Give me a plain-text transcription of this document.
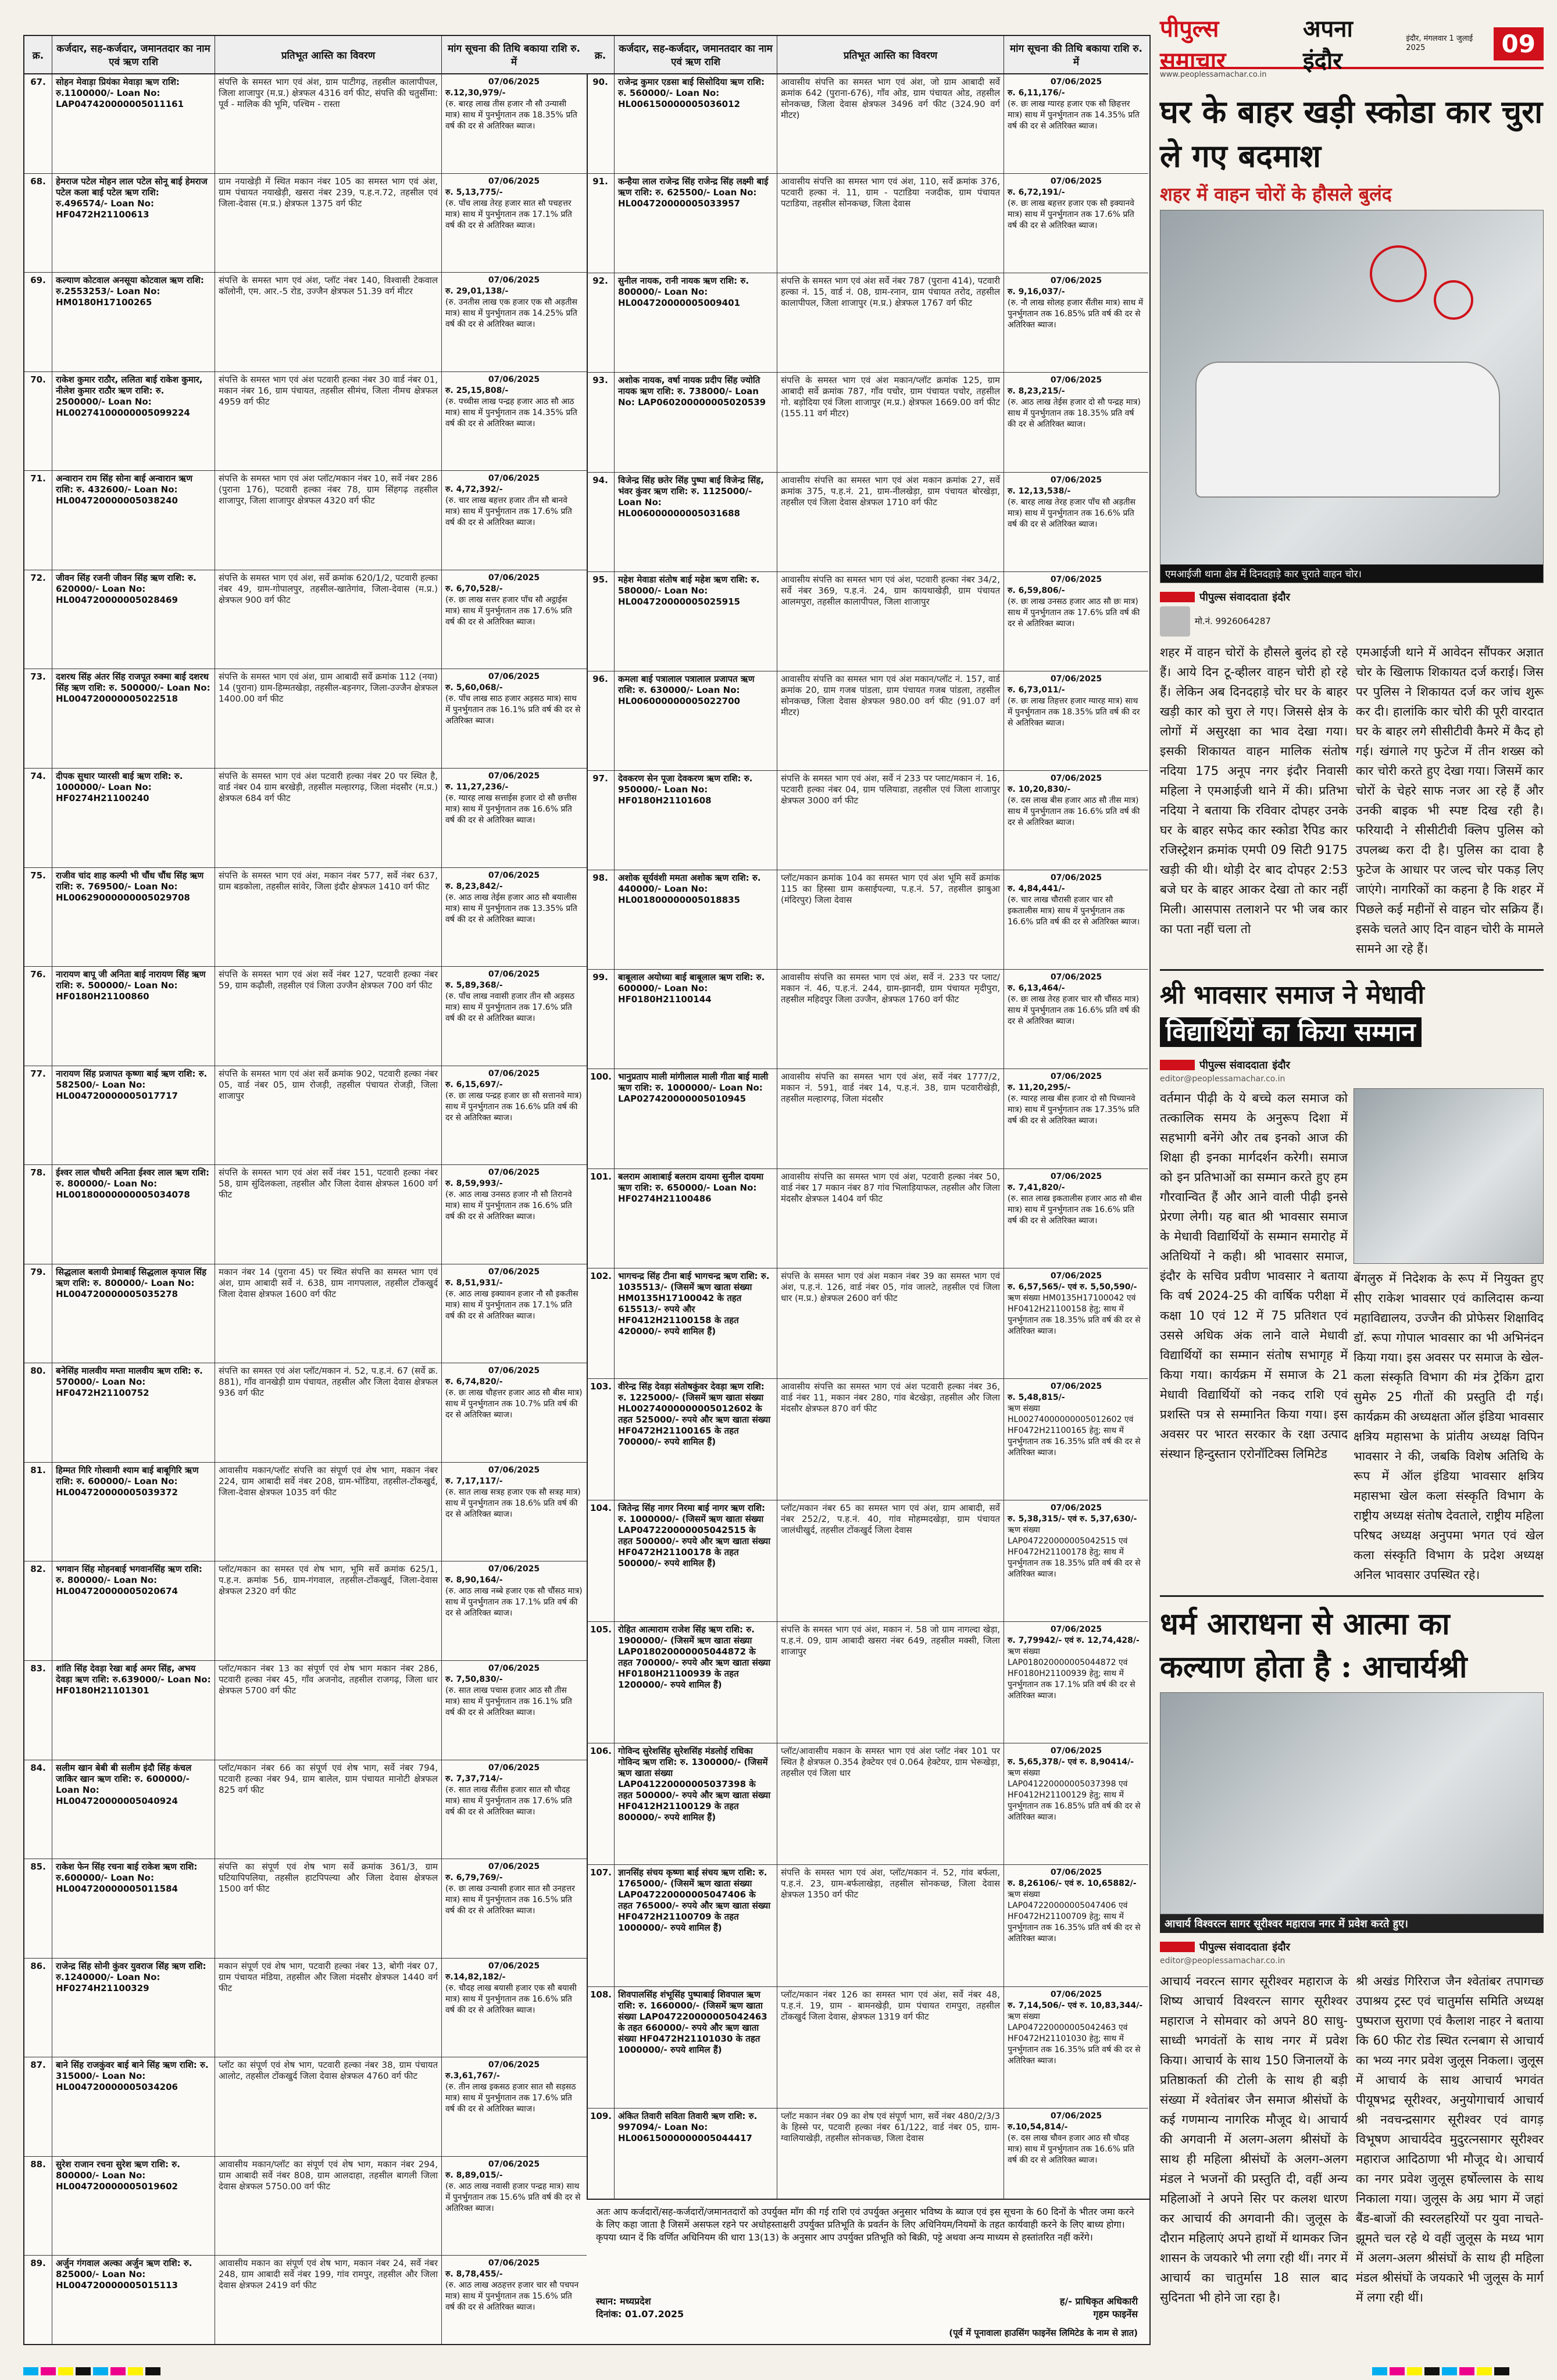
क्र.
कर्जदार, सह-कर्जदार, जमानतदार का नाम एवं ऋण राशि
प्रतिभूत आस्ति का विवरण
मांग सूचना की तिथि बकाया राशि रु. में
67.	सोहन मेवाड़ा प्रियंका मेवाड़ा ऋण राशि: रु.1100000/- Loan No: LAP047420000005011161
संपत्ति के समस्त भाग एवं अंश, ग्राम पाटीगढ़, तहसील कालापीपल, जिला शाजापुर (म.प्र.) क्षेत्रफल 4316 वर्ग फीट, संपत्ति की चतुर्सीमा: पूर्व - मालिक की भूमि, पश्चिम - रास्ता
07/06/2025
रु.12,30,979/-
(रु. बारह लाख तीस हजार नौ सौ उन्यासी मात्र) साथ में पुनर्भुगतान तक 18.35% प्रति वर्ष की दर से अतिरिक्त ब्याज।
68.	हेमराज पटेल मोहन लाल पटेल सोनू बाई हेमराज पटेल कला बाई पटेल ऋण राशि: रु.496574/- Loan No: HF0472H21100613
ग्राम नयाखेड़ी में स्थित मकान नंबर 105 का समस्त भाग एवं अंश, ग्राम पंचायत नयाखेड़ी, खसरा नंबर 239, प.ह.न.72, तहसील एवं जिला-देवास (म.प्र.) क्षेत्रफल 1375 वर्ग फीट
07/06/2025
रु. 5,13,775/-
(रु. पाँच लाख तेरह हजार सात सौ पचहत्तर मात्र) साथ में पुनर्भुगतान तक 17.1% प्रति वर्ष की दर से अतिरिक्त ब्याज।
69.	कल्याण कोटवाल अनसूया कोटवाल ऋण राशि: रु.2553253/- Loan No: HM0180H17100265
संपत्ति के समस्त भाग एवं अंश, प्लॉट नंबर 140, विश्वासी टेकवाल कॉलोनी, एम. आर.-5 रोड, उज्जैन क्षेत्रफल 51.39 वर्ग मीटर
07/06/2025
रु. 29,01,138/-
(रु. उनतीस लाख एक हजार एक सौ अड़तीस मात्र) साथ में पुनर्भुगतान तक 14.25% प्रति वर्ष की दर से अतिरिक्त ब्याज।
70.	राकेश कुमार राठौर, ललिता बाई राकेश कुमार, नीलेश कुमार राठौर ऋण राशि: रु. 2500000/- Loan No: HL00274100000005099224
संपत्ति के समस्त भाग एवं अंश पटवारी हल्का नंबर 30 वार्ड नंबर 01, मकान नंबर 16, ग्राम पंचायत, तहसील सीमंच, जिला नीमच क्षेत्रफल 4959 वर्ग फीट
07/06/2025
रु. 25,15,808/-
(रु. पच्चीस लाख पन्द्रह हजार आठ सौ आठ मात्र) साथ में पुनर्भुगतान तक 14.35% प्रति वर्ष की दर से अतिरिक्त ब्याज।
71.	अन्वारान राम सिंह सोना बाई अन्वारान ऋण राशि: रु. 432600/- Loan No: HL004720000005038240
संपत्ति के समस्त भाग एवं अंश प्लॉट/मकान नंबर 10, सर्वे नंबर 286 (पुराना 176), पटवारी हल्का नंबर 78, ग्राम सिंहगढ़ तहसील शाजापुर, जिला शाजापुर क्षेत्रफल 4320 वर्ग फीट
07/06/2025
रु. 4,72,392/-
(रु. चार लाख बहत्तर हजार तीन सौ बानवे मात्र) साथ में पुनर्भुगतान तक 17.6% प्रति वर्ष की दर से अतिरिक्त ब्याज।
72.	जीवन सिंह रजनी जीवन सिंह ऋण राशि: रु. 620000/- Loan No: HL004720000005028469
संपत्ति के समस्त भाग एवं अंश, सर्वे क्रमांक 620/1/2, पटवारी हल्का नंबर 49, ग्राम-गोपालपुर, तहसील-खातेगांव, जिला-देवास (म.प्र.) क्षेत्रफल 900 वर्ग फीट
07/06/2025
रु. 6,70,528/-
(रु. छः लाख सत्तर हजार पाँच सौ अट्ठाईस मात्र) साथ में पुनर्भुगतान तक 17.6% प्रति वर्ष की दर से अतिरिक्त ब्याज।
73.	दशरथ सिंह अंतर सिंह राजपूत रुक्मा बाई दशरथ सिंह ऋण राशि: रु. 500000/- Loan No: HL004720000005022518
संपत्ति के समस्त भाग एवं अंश, ग्राम आबादी सर्वे क्रमांक 112 (नया) 14 (पुराना) ग्राम-हिम्मतखेड़ा, तहसील-बड़नगर, जिला-उज्जैन क्षेत्रफल 1400.00 वर्ग फीट
07/06/2025
रु. 5,60,068/-
(रु. पाँच लाख साठ हजार अड़सठ मात्र) साथ में पुनर्भुगतान तक 16.1% प्रति वर्ष की दर से अतिरिक्त ब्याज।
74.	दीपक सुथार प्यारसी बाई ऋण राशि: रु. 1000000/- Loan No: HF0274H21100240
संपत्ति के समस्त भाग एवं अंश पटवारी हल्का नंबर 20 पर स्थित है, वार्ड नंबर 04 ग्राम बरखेड़ी, तहसील मल्हारगढ़, जिला मंदसौर (म.प्र.) क्षेत्रफल 684 वर्ग फीट
07/06/2025
रु. 11,27,236/-
(रु. ग्यारह लाख सत्ताईस हजार दो सौ छत्तीस मात्र) साथ में पुनर्भुगतान तक 16.6% प्रति वर्ष की दर से अतिरिक्त ब्याज।
75.	राजीव चांद शाह कल्पी भी चौंध चौंध सिंह ऋण राशि: रु. 769500/- Loan No: HL00629000000005029708
संपत्ति के समस्त भाग एवं अंश, मकान नंबर 577, सर्वे नंबर 637, ग्राम बडकोला, तहसील सांवेर, जिला इंदौर क्षेत्रफल 1410 वर्ग फीट
07/06/2025
रु. 8,23,842/-
(रु. आठ लाख तेईस हजार आठ सौ बयालीस मात्र) साथ में पुनर्भुगतान तक 13.35% प्रति वर्ष की दर से अतिरिक्त ब्याज।
76.	नारायण बापू जी अनिता बाई नारायण सिंह ऋण राशि: रु. 500000/- Loan No: HF0180H21100860
संपत्ति के समस्त भाग एवं अंश सर्वे नंबर 127, पटवारी हल्का नंबर 59, ग्राम कढ़ौली, तहसील एवं जिला उज्जैन क्षेत्रफल 700 वर्ग फीट
07/06/2025
रु. 5,89,368/-
(रु. पाँच लाख नवासी हजार तीन सौ अड़सठ मात्र) साथ में पुनर्भुगतान तक 17.6% प्रति वर्ष की दर से अतिरिक्त ब्याज।
77.	नारायण सिंह प्रजापत कृष्णा बाई ऋण राशि: रु. 582500/- Loan No: HL004720000005017717
संपत्ति के समस्त भाग एवं अंश सर्वे क्रमांक 902, पटवारी हल्का नंबर 05, वार्ड नंबर 05, ग्राम रोजड़ी, तहसील पंचायत रोजड़ी, जिला शाजापुर
07/06/2025
रु. 6,15,697/-
(रु. छः लाख पन्द्रह हजार छः सौ सत्तानवे मात्र) साथ में पुनर्भुगतान तक 16.6% प्रति वर्ष की दर से अतिरिक्त ब्याज।
78.	ईश्वर लाल चौधरी अनिता ईश्वर लाल ऋण राशि: रु. 800000/- Loan No: HL00180000000005034078
संपत्ति के समस्त भाग एवं अंश सर्वे नंबर 151, पटवारी हल्का नंबर 58, ग्राम सुंदिलकला, तहसील और जिला देवास क्षेत्रफल 1600 वर्ग फीट
07/06/2025
रु. 8,59,993/-
(रु. आठ लाख उनसठ हजार नौ सौ तिरानवे मात्र) साथ में पुनर्भुगतान तक 16.6% प्रति वर्ष की दर से अतिरिक्त ब्याज।
79.	सिद्धलाल बलायी प्रेमाबाई सिद्धलाल कृपाल सिंह ऋण राशि: रु. 800000/- Loan No: HL004720000005035278
मकान नंबर 14 (पुराना 45) पर स्थित संपत्ति का समस्त भाग एवं अंश, ग्राम आबादी सर्वे नं. 638, ग्राम नागपलाल, तहसील टोंकखुर्द जिला देवास क्षेत्रफल 1600 वर्ग फीट
07/06/2025
रु. 8,51,931/-
(रु. आठ लाख इक्यावन हजार नौ सौ इकतीस मात्र) साथ में पुनर्भुगतान तक 17.1% प्रति वर्ष की दर से अतिरिक्त ब्याज।
80.	बनेसिंह मालवीय मम्ता मालवीय ऋण राशि: रु. 570000/- Loan No: HF0472H21100752
संपत्ति का समस्त एवं अंश प्लॉट/मकान नं. 52, प.ह.नं. 67 (सर्वे क्र. 881), गाँव वानखेड़ी ग्राम पंचायत, तहसील और जिला देवास क्षेत्रफल 936 वर्ग फीट
07/06/2025
रु. 6,74,820/-
(रु. छः लाख चौहत्तर हजार आठ सौ बीस मात्र) साथ में पुनर्भुगतान तक 10.7% प्रति वर्ष की दर से अतिरिक्त ब्याज।
81.	हिम्मत गिरि गोस्वामी श्याम बाई बाबूगिरि ऋण राशि: रु. 600000/- Loan No: HL004720000005039372
आवासीय मकान/प्लॉट संपत्ति का संपूर्ण एवं शेष भाग, मकान नंबर 224, ग्राम आबादी सर्वे नंबर 208, ग्राम-भोंडिया, तहसील-टोंकखुर्द, जिला-देवास क्षेत्रफल 1035 वर्ग फीट
07/06/2025
रु. 7,17,117/-
(रु. सात लाख सत्रह हजार एक सौ सत्रह मात्र) साथ में पुनर्भुगतान तक 18.6% प्रति वर्ष की दर से अतिरिक्त ब्याज।
82.	भगवान सिंह मोहनबाई भगवानसिंह ऋण राशि: रु. 800000/- Loan No: HL004720000005020674
प्लॉट/मकान का समस्त एवं शेष भाग, भूमि सर्वे क्रमांक 625/1, प.ह.न. क्रमांक 56, ग्राम-गंगवाल, तहसील-टोंकखुर्द, जिला-देवास क्षेत्रफल 2320 वर्ग फीट
07/06/2025
रु. 8,90,164/-
(रु. आठ लाख नब्बे हजार एक सौ चौंसठ मात्र) साथ में पुनर्भुगतान तक 17.1% प्रति वर्ष की दर से अतिरिक्त ब्याज।
83.	शांति सिंह देवड़ा रेखा बाई अमर सिंह, अभय देवड़ा ऋण राशि: रु.639000/- Loan No: HF0180H21101301
प्लॉट/मकान नंबर 13 का संपूर्ण एवं शेष भाग मकान नंबर 286, पटवारी हल्का नंबर 45, गाँव अजनोद, तहसील राजगढ़, जिला धार क्षेत्रफल 5700 वर्ग फीट
07/06/2025
रु. 7,50,830/-
(रु. सात लाख पचास हजार आठ सौ तीस मात्र) साथ में पुनर्भुगतान तक 16.1% प्रति वर्ष की दर से अतिरिक्त ब्याज।
84.	सलीम खान बेबी बी सलीम इंदौ सिंह कंचल जाकिर खान ऋण राशि: रु. 600000/- Loan No: HL004720000005040924
प्लॉट/मकान नंबर 66 का संपूर्ण एवं शेष भाग, सर्वे नंबर 794, पटवारी हल्का नंबर 94, ग्राम बालेल, ग्राम पंचायत मानोटी क्षेत्रफल 825 वर्ग फीट
07/06/2025
रु. 7,37,714/-
(रु. सात लाख सैंतीस हजार सात सौ चौदह मात्र) साथ में पुनर्भुगतान तक 17.6% प्रति वर्ष की दर से अतिरिक्त ब्याज।
85.	राकेश फेन सिंह रचना बाई राकेश ऋण राशि: रु.600000/- Loan No: HL004720000005011584
संपत्ति का संपूर्ण एवं शेष भाग सर्वे क्रमांक 361/3, ग्राम घटियापिपलिया, तहसील हाटपिपल्या और जिला देवास क्षेत्रफल 1500 वर्ग फीट
07/06/2025
रु. 6,79,769/-
(रु. छः लाख उन्यासी हजार सात सौ उनहत्तर मात्र) साथ में पुनर्भुगतान तक 16.5% प्रति वर्ष की दर से अतिरिक्त ब्याज।
86.	राजेन्द्र सिंह सोनी कुंवर युवराज सिंह ऋण राशि: रु.1240000/- Loan No: HF0274H21100329
मकान संपूर्ण एवं शेष भाग, पटवारी हल्का नंबर 13, बोगी नंबर 07, ग्राम पंचायत मंडिया, तहसील और जिला मंदसौर क्षेत्रफल 1440 वर्ग फीट
07/06/2025
रु.14,82,182/-
(रु. चौदह लाख बयासी हजार एक सौ बयासी मात्र) साथ में पुनर्भुगतान तक 16.6% प्रति वर्ष की दर से अतिरिक्त ब्याज।
87.	बाने सिंह राजकुंवर बाई बाने सिंह ऋण राशि: रु. 315000/- Loan No: HL004720000005034206
प्लॉट का संपूर्ण एवं शेष भाग, पटवारी हल्का नंबर 38, ग्राम पंचायत आलोट, तहसील टोंकखुर्द जिला देवास क्षेत्रफल 4760 वर्ग फीट
07/06/2025
रु.3,61,767/-
(रु. तीन लाख इकसठ हजार सात सौ सड़सठ मात्र) साथ में पुनर्भुगतान तक 17.6% प्रति वर्ष की दर से अतिरिक्त ब्याज।
88.	सुरेश राजान रचना सुरेश ऋण राशि: रु. 800000/- Loan No: HL004720000005019602
आवासीय मकान/प्लॉट का संपूर्ण एवं शेष भाग, मकान नंबर 294, ग्राम आबादी सर्वे नंबर 808, ग्राम आलदाहा, तहसील बागली जिला देवास क्षेत्रफल 5750.00 वर्ग फीट
07/06/2025
रु. 8,89,015/-
(रु. आठ लाख नवासी हजार पन्द्रह मात्र) साथ में पुनर्भुगतान तक 15.6% प्रति वर्ष की दर से अतिरिक्त ब्याज।
89.	अर्जुन गंगवाल अल्का अर्जुन ऋण राशि: रु. 825000/- Loan No: HL004720000005015113
आवासीय मकान का संपूर्ण एवं शेष भाग, मकान नंबर 24, सर्वे नंबर 248, ग्राम आबादी सर्वे नंबर 199, गांव रामपुर, तहसील और जिला देवास क्षेत्रफल 2419 वर्ग फीट
07/06/2025
रु. 8,78,455/-
(रु. आठ लाख अठहत्तर हजार चार सौ पचपन मात्र) साथ में पुनर्भुगतान तक 15.6% प्रति वर्ष की दर से अतिरिक्त ब्याज।
क्र.
कर्जदार, सह-कर्जदार, जमानतदार का नाम एवं ऋण राशि
प्रतिभूत आस्ति का विवरण
मांग सूचना की तिथि बकाया राशि रु. में
90.	राजेन्द्र कुमार एडसा बाई सिसोदिया ऋण राशि: रु. 560000/- Loan No: HL006150000005036012
आवासीय संपत्ति का समस्त भाग एवं अंश, जो ग्राम आबादी सर्वे क्रमांक 642 (पुराना-676), गाँव ओड, ग्राम पंचायत ओड, तहसील सोनकच्छ, जिला देवास क्षेत्रफल 3496 वर्ग फीट (324.90 वर्ग मीटर)
07/06/2025
रु. 6,11,176/-
(रु. छः लाख ग्यारह हजार एक सौ छिहत्तर मात्र) साथ में पुनर्भुगतान तक 14.35% प्रति वर्ष की दर से अतिरिक्त ब्याज।
91.	कन्हैया लाल राजेन्द्र सिंह राजेन्द्र सिंह लक्ष्मी बाई ऋण राशि: रु. 625500/- Loan No: HL004720000005033957
आवासीय संपत्ति का समस्त भाग एवं अंश, 110, सर्वे क्रमांक 376, पटवारी हल्का नं. 11, ग्राम - पटाडिया नजदीक, ग्राम पंचायत पटाडिया, तहसील सोनकच्छ, जिला देवास
07/06/2025
रु. 6,72,191/-
(रु. छः लाख बहत्तर हजार एक सौ इक्यानवे मात्र) साथ में पुनर्भुगतान तक 17.6% प्रति वर्ष की दर से अतिरिक्त ब्याज।
92.	सुनील नायक, रानी नायक ऋण राशि: रु. 800000/- Loan No: HL004720000005009401
संपत्ति के समस्त भाग एवं अंश सर्वे नंबर 787 (पुराना 414), पटवारी हल्का नं. 15, वार्ड नं. 08, ग्राम-रनान, ग्राम पंचायत तरोद, तहसील कालापीपल, जिला शाजापुर (म.प्र.) क्षेत्रफल 1767 वर्ग फीट
07/06/2025
रु. 9,16,037/-
(रु. नौ लाख सोलह हजार सैंतीस मात्र) साथ में पुनर्भुगतान तक 16.85% प्रति वर्ष की दर से अतिरिक्त ब्याज।
93.	अशोक नायक, वर्षा नायक प्रदीप सिंह ज्योति नायक ऋण राशि: रु. 738000/- Loan No: LAP060200000005020539
संपत्ति के समस्त भाग एवं अंश मकान/प्लॉट क्रमांक 125, ग्राम आबादी सर्वे क्रमांक 787, गाँव पचोर, ग्राम पंचायत पचोर, तहसील गो. बड़ोदिया एवं जिला शाजापुर (म.प्र.) क्षेत्रफल 1669.00 वर्ग फीट (155.11 वर्ग मीटर)
07/06/2025
रु. 8,23,215/-
(रु. आठ लाख तेईस हजार दो सौ पन्द्रह मात्र) साथ में पुनर्भुगतान तक 18.35% प्रति वर्ष की दर से अतिरिक्त ब्याज।
94.	विजेन्द्र सिंह छतेर सिंह पुष्पा बाई विजेन्द्र सिंह, भंवर कुंवर ऋण राशि: रु. 1125000/- Loan No: HL006000000005031688
आवासीय संपत्ति का समस्त भाग एवं अंश मकान क्रमांक 27, सर्वे क्रमांक 375, प.ह.नं. 21, ग्राम-नीलखेड़ा, ग्राम पंचायत बोरखेड़ा, तहसील एवं जिला देवास क्षेत्रफल 1710 वर्ग फीट
07/06/2025
रु. 12,13,538/-
(रु. बारह लाख तेरह हजार पाँच सौ अड़तीस मात्र) साथ में पुनर्भुगतान तक 16.6% प्रति वर्ष की दर से अतिरिक्त ब्याज।
95.	महेश मेवाडा संतोष बाई महेश ऋण राशि: रु. 580000/- Loan No: HL004720000005025915
आवासीय संपत्ति का समस्त भाग एवं अंश, पटवारी हल्का नंबर 34/2, सर्वे नंबर 369, प.ह.नं. 24, ग्राम कायथाखेड़ी, ग्राम पंचायत आलमपुरा, तहसील कालापीपल, जिला शाजापुर
07/06/2025
रु. 6,59,806/-
(रु. छः लाख उनसठ हजार आठ सौ छः मात्र) साथ में पुनर्भुगतान तक 17.6% प्रति वर्ष की दर से अतिरिक्त ब्याज।
96.	कमला बाई पत्रालाल पत्रालाल प्रजापत ऋण राशि: रु. 630000/- Loan No: HL006000000005022700
आवासीय संपत्ति का समस्त भाग एवं अंश मकान/प्लॉट नं. 157, वार्ड क्रमांक 20, ग्राम गजब पांडला, ग्राम पंचायत गजब पांडला, तहसील सोनकच्छ, जिला देवास क्षेत्रफल 980.00 वर्ग फीट (91.07 वर्ग मीटर)
07/06/2025
रु. 6,73,011/-
(रु. छः लाख तिहत्तर हजार ग्यारह मात्र) साथ में पुनर्भुगतान तक 18.35% प्रति वर्ष की दर से अतिरिक्त ब्याज।
97.	देवकरण सेन पूजा देवकरण ऋण राशि: रु. 950000/- Loan No: HF0180H21101608
संपत्ति के समस्त भाग एवं अंश, सर्वे नं 233 पर प्लाट/मकान नं. 16, पटवारी हल्का नंबर 04, ग्राम पलियाडा, तहसील एवं जिला शाजापुर क्षेत्रफल 3000 वर्ग फीट
07/06/2025
रु. 10,20,830/-
(रु. दस लाख बीस हजार आठ सौ तीस मात्र) साथ में पुनर्भुगतान तक 16.6% प्रति वर्ष की दर से अतिरिक्त ब्याज।
98.	अशोक सूर्यवंशी ममता अशोक ऋण राशि: रु. 440000/- Loan No: HL001800000005018835
प्लॉट/मकान क्रमांक 104 का समस्त भाग एवं अंश भूमि सर्वे क्रमांक 115 का हिस्सा ग्राम कसाईपल्या, प.ह.नं. 57, तहसील झाबुआ (मंदिरपुर) जिला देवास
07/06/2025
रु. 4,84,441/-
(रु. चार लाख चौरासी हजार चार सौ इकतालीस मात्र) साथ में पुनर्भुगतान तक 16.6% प्रति वर्ष की दर से अतिरिक्त ब्याज।
99.	बाबूलाल अयोध्या बाई बाबूलाल ऋण राशि: रु. 600000/- Loan No: HF0180H21100144
आवासीय संपत्ति का समस्त भाग एवं अंश, सर्वे नं. 233 पर प्लाट/मकान नं. 46, प.ह.नं. 244, ग्राम-झानदी, ग्राम पंचायत मृदीपुरा, तहसील महिदपुर जिला उज्जैन, क्षेत्रफल 1760 वर्ग फीट
07/06/2025
रु. 6,13,464/-
(रु. छः लाख तेरह हजार चार सौ चौंसठ मात्र) साथ में पुनर्भुगतान तक 16.6% प्रति वर्ष की दर से अतिरिक्त ब्याज।
100. भानुप्रताप माली मांगीलाल माली गीता बाई माली ऋण राशि: रु. 1000000/- Loan No: LAP027420000005010945
आवासीय संपत्ति का समस्त भाग एवं अंश, सर्वे नंबर 1777/2, मकान नं. 591, वार्ड नंबर 14, प.ह.नं. 38, ग्राम पटवारीखेड़ी, तहसील मल्हारगढ़, जिला मंदसौर
07/06/2025
रु. 11,20,295/-
(रु. ग्यारह लाख बीस हजार दो सौ पिच्यानवे मात्र) साथ में पुनर्भुगतान तक 17.35% प्रति वर्ष की दर से अतिरिक्त ब्याज।
101. बलराम आशाबाई बलराम दायमा सुनील दायमा ऋण राशि: रु. 650000/- Loan No: HF0274H21100486
आवासीय संपत्ति का समस्त भाग एवं अंश, पटवारी हल्का नंबर 50, वार्ड नंबर 17 मकान नंबर 87 गांव भिलाड़ियाफल, तहसील और जिला मंदसौर क्षेत्रफल 1404 वर्ग फीट
07/06/2025
रु. 7,41,820/-
(रु. सात लाख इकतालीस हजार आठ सौ बीस मात्र) साथ में पुनर्भुगतान तक 16.6% प्रति वर्ष की दर से अतिरिक्त ब्याज।
102. भागचन्द्र सिंह टीना बाई भागचन्द्र ऋण राशि: रु. 1035513/- (जिसमें ऋण खाता संख्या HM0135H17100042 के तहत 615513/- रुपये और HF0412H21100158 के तहत 420000/- रुपये शामिल हैं)
संपत्ति के समस्त भाग एवं अंश मकान नंबर 39 का समस्त भाग एवं अंश, प.ह.नं. 126, वार्ड नंबर 05, गांव जालटे, तहसील एवं जिला धार (म.प्र.) क्षेत्रफल 2600 वर्ग फीट
07/06/2025
रु. 6,57,565/- एवं रु. 5,50,590/-
ऋण संख्या HM0135H17100042 एवं HF0412H21100158 हेतु; साथ में पुनर्भुगतान तक 18.35% प्रति वर्ष की दर से अतिरिक्त ब्याज।
103. वीरेन्द्र सिंह देवड़ा संतोषकुंवर देवड़ा ऋण राशि: रु. 1225000/- (जिसमें ऋण खाता संख्या HL00274000000005012602 के तहत 525000/- रुपये और ऋण खाता संख्या HF0472H21100165 के तहत 700000/- रुपये शामिल हैं)
आवासीय संपत्ति का समस्त भाग एवं अंश पटवारी हल्का नंबर 36, वार्ड नंबर 11, मकान नंबर 280, गांव बेटखेड़ा, तहसील और जिला मंदसौर क्षेत्रफल 870 वर्ग फीट
07/06/2025
रु. 5,48,815/-
ऋण संख्या HL00274000000005012602 एवं HF0472H21100165 हेतु; साथ में पुनर्भुगतान तक 16.35% प्रति वर्ष की दर से अतिरिक्त ब्याज।
104. जितेन्द्र सिंह नागर निरमा बाई नागर ऋण राशि: रु. 1000000/- (जिसमें ऋण खाता संख्या LAP047220000005042515 के तहत 500000/- रुपये और ऋण खाता संख्या HF0472H21100178 के तहत 500000/- रुपये शामिल हैं)
प्लॉट/मकान नंबर 65 का समस्त भाग एवं अंश, ग्राम आबादी, सर्वे नंबर 252/2, प.ह.नं. 40, गांव मोहम्मदखेड़ा, ग्राम पंचायत जालंधीखुर्द, तहसील टोंकखुर्द जिला देवास
07/06/2025
रु. 5,38,315/- एवं रु. 5,37,630/-
ऋण संख्या LAP047220000005042515 एवं HF0472H21100178 हेतु; साथ में पुनर्भुगतान तक 18.35% प्रति वर्ष की दर से अतिरिक्त ब्याज।
105. रोहित आत्माराम राजेश सिंह ऋण राशि: रु. 1900000/- (जिसमें ऋण खाता संख्या LAP018020000005044872 के तहत 700000/- रुपये और ऋण खाता संख्या HF0180H21100939 के तहत 1200000/- रुपये शामिल हैं)
संपत्ति के समस्त भाग एवं अंश, मकान नं. 58 जो ग्राम नागल्दा खेड़ा, प.ह.नं. 09, ग्राम आबादी खसरा नंबर 649, तहसील मक्सी, जिला शाजापुर
07/06/2025
रु. 7,79942/- एवं रु. 12,74,428/-
ऋण संख्या LAP018020000005044872 एवं HF0180H21100939 हेतु; साथ में पुनर्भुगतान तक 17.1% प्रति वर्ष की दर से अतिरिक्त ब्याज।
106. गोविन्द सुरेशसिंह सुरेशसिंह मंडलोई राधिका गोविन्द ऋण राशि: रु. 1300000/- (जिसमें ऋण खाता संख्या LAP041220000005037398 के तहत 500000/- रुपये और ऋण खाता संख्या HF0412H21100129 के तहत 800000/- रुपये शामिल हैं)
प्लॉट/आवासीय मकान के समस्त भाग एवं अंश प्लॉट नंबर 101 पर स्थित है क्षेत्रफल 0.354 हेक्टेयर एवं 0.064 हेक्टेयर, ग्राम भेरूखेड़ा, तहसील एवं जिला धार
07/06/2025
रु. 5,65,378/- एवं रु. 8,90414/-
ऋण संख्या LAP041220000005037398 एवं HF0412H21100129 हेतु; साथ में पुनर्भुगतान तक 16.85% प्रति वर्ष की दर से अतिरिक्त ब्याज।
107. ज्ञानसिंह संचय कृष्णा बाई संचय ऋण राशि: रु. 1765000/- (जिसमें ऋण खाता संख्या LAP047220000005047406 के तहत 765000/- रुपये और ऋण खाता संख्या HF0472H21100709 के तहत 1000000/- रुपये शामिल हैं)
संपत्ति के समस्त भाग एवं अंश, प्लॉट/मकान नं. 52, गांव बर्फला, प.ह.नं. 23, ग्राम-बर्फलाखेड़ा, तहसील सोनकच्छ, जिला देवास क्षेत्रफल 1350 वर्ग फीट
07/06/2025
रु. 8,26106/- एवं रु. 10,65882/-
ऋण संख्या LAP047220000005047406 एवं HF0472H21100709 हेतु; साथ में पुनर्भुगतान तक 16.35% प्रति वर्ष की दर से अतिरिक्त ब्याज।
108. शिवपालसिंह शंभूसिंह पुष्पाबाई शिवपाल ऋण राशि: रु. 1660000/- (जिसमें ऋण खाता संख्या LAP047220000005042463 के तहत 660000/- रुपये और ऋण खाता संख्या HF0472H21101030 के तहत 1000000/- रुपये शामिल हैं)
प्लॉट/मकान नंबर 126 का समस्त भाग एवं अंश, सर्वे नंबर 48, प.ह.नं. 19, ग्राम - बामनखेड़ी, ग्राम पंचायत रामपुरा, तहसील टोंकखुर्द जिला देवास, क्षेत्रफल 1319 वर्ग फीट
07/06/2025
रु. 7,14,506/- एवं रु. 10,83,344/-
ऋण संख्या LAP047220000005042463 एवं HF0472H21101030 हेतु; साथ में पुनर्भुगतान तक 16.35% प्रति वर्ष की दर से अतिरिक्त ब्याज।
109. अंकित तिवारी सविता तिवारी ऋण राशि: रु. 997094/- Loan No: HL00615000000005044417
प्लॉट मकान नंबर 09 का शेष एवं संपूर्ण भाग, सर्वे नंबर 480/2/3/3 के हिस्से पर, पटवारी हल्का नंबर 61/122, वार्ड नंबर 05, ग्राम-ग्वालियाखेड़ी, तहसील सोनकच्छ, जिला देवास
07/06/2025
रु.10,54,814/-
(रु. दस लाख चौवन हजार आठ सौ चौदह मात्र) साथ में पुनर्भुगतान तक 16.6% प्रति वर्ष की दर से अतिरिक्त ब्याज।
अतः आप कर्जदारों/सह-कर्जदारों/जमानतदारों को उपर्युक्त माँग की गई राशि एवं उपर्युक्त अनुसार भविष्य के ब्याज एवं इस सूचना के 60 दिनों के भीतर जमा करने के लिए कहा जाता है जिसमें असफल रहने पर अधोहस्ताक्षरी उपर्युक्त प्रतिभूति के प्रवर्तन के लिए अधिनियम/नियमों के तहत कार्यवाही करने के लिए बाध्य होगा। कृपया ध्यान दें कि वर्णित अधिनियम की धारा 13(13) के अनुसार आप उपर्युक्त प्रतिभूति को बिक्री, पट्टे अथवा अन्य माध्यम से हस्तांतरित नहीं करेंगे।
स्थान: मध्यप्रदेश
दिनांक: 01.07.2025
ह/- प्राधिकृत अधिकारी
गृहम फाइनेंस
(पूर्व में पूनावाला हाउसिंग फाइनेंस लिमिटेड के नाम से ज्ञात)
पीपुल्स समाचार
अपना इंदौर
इंदौर, मंगलवार 1 जुलाई 2025	09
www.peoplessamachar.co.in
घर के बाहर खड़ी स्कोडा कार चुरा ले गए बदमाश
शहर में वाहन चोरों के हौसले बुलंद
एमआईजी थाना क्षेत्र में दिनदहाड़े कार चुराते वाहन चोर।
पीपुल्स संवाददाता इंदौर
मो.नं. 9926064287

शहर में वाहन चोरों के हौसले बुलंद हो रहे हैं। आये दिन टू-व्हीलर वाहन चोरी हो रहे हैं। लेकिन अब दिनदहाड़े चोर घर के बाहर खड़ी कार को चुरा ले गए। जिससे क्षेत्र के लोगों में असुरक्षा का भाव देखा गया। इसकी शिकायत वाहन मालिक संतोष नदिया 175 अनूप नगर इंदौर निवासी महिला ने एमआईजी थाने में की। प्रतिभा नदिया ने बताया कि रविवार दोपहर उनके घर के बाहर सफेद कार स्कोडा रैपिड कार रजिस्ट्रेशन क्रमांक एमपी 09 सिटी 9175 खड़ी की थी। थोड़ी देर बाद दोपहर 2:53 बजे घर के बाहर आकर देखा तो कार नहीं मिली। आसपास तलाशने पर भी जब कार का पता नहीं चला तो

एमआईजी थाने में आवेदन सौंपकर अज्ञात चोर के खिलाफ शिकायत दर्ज कराई। जिस पर पुलिस ने शिकायत दर्ज कर जांच शुरू कर दी। हालांकि कार चोरी की पूरी वारदात घर के बाहर लगे सीसीटीवी कैमरे में कैद हो गई। खंगाले गए फुटेज में तीन शख्स को कार चोरी करते हुए देखा गया। जिसमें कार चोरों के चेहरे साफ नजर आ रहे हैं और उनकी बाइक भी स्पष्ट दिख रही है। फरियादी ने सीसीटीवी क्लिप पुलिस को उपलब्ध करा दी है। पुलिस का दावा है फुटेज के आधार पर जल्द चोर पकड़ लिए जाएंगे। नागरिकों का कहना है कि शहर में पिछले कई महीनों से वाहन चोर सक्रिय हैं। इसके चलते आए दिन वाहन चोरी के मामले सामने आ रहे हैं।

श्री भावसार समाज ने मेधावी
विद्यार्थियों का किया सम्मान
पीपुल्स संवाददाता इंदौर
editor@peoplessamachar.co.in

वर्तमान पीढ़ी के ये बच्चे कल समाज को तत्कालिक समय के अनुरूप दिशा में सहभागी बनेंगे और तब इनको आज की शिक्षा ही इनका मार्गदर्शन करेगी। समाज को इन प्रतिभाओं का सम्मान करते हुए हम गौरवान्वित हैं और आने वाली पीढ़ी इनसे प्रेरणा लेगी। यह बात श्री भावसार समाज के मेधावी विद्यार्थियों के सम्मान समारोह में अतिथियों ने कही। श्री भावसार समाज, इंदौर के सचिव प्रवीण भावसार ने बताया कि वर्ष 2024-25 की वार्षिक परीक्षा में कक्षा 10 एवं 12 में 75 प्रतिशत एवं उससे अधिक अंक लाने वाले मेधावी विद्यार्थियों का सम्मान संतोष सभागृह में किया गया। कार्यक्रम में समाज के 21 मेधावी विद्यार्थियों को नकद राशि एवं प्रशस्ति पत्र से सम्मानित किया गया। इस अवसर पर भारत सरकार के रक्षा उत्पाद संस्थान हिन्दुस्तान एरोनॉटिक्स लिमिटेड

बेंगलुरु में निदेशक के रूप में नियुक्त हुए सीए राकेश भावसार एवं कालिदास कन्या महाविद्यालय, उज्जैन की प्रोफेसर शिक्षाविद डॉ. रूपा गोपाल भावसार का भी अभिनंदन किया गया। इस अवसर पर समाज के खेल-कला संस्कृति विभाग की मंत्र ट्रेकिंग द्वारा सुमेरु 25 गीतों की प्रस्तुति दी गई। कार्यक्रम की अध्यक्षता ऑल इंडिया भावसार क्षत्रिय महासभा के प्रांतीय अध्यक्ष विपिन भावसार ने की, जबकि विशेष अतिथि के रूप में ऑल इंडिया भावसार क्षत्रिय महासभा खेल कला संस्कृति विभाग के राष्ट्रीय अध्यक्ष संतोष देवताले, राष्ट्रीय महिला परिषद अध्यक्ष अनुपमा भगत एवं खेल कला संस्कृति विभाग के प्रदेश अध्यक्ष अनिल भावसार उपस्थित रहे।

धर्म आराधना से आत्मा का कल्याण होता है : आचार्यश्री
आचार्य विश्वरत्न सागर सूरीश्वर महाराज नगर में प्रवेश करते हुए।
पीपुल्स संवाददाता इंदौर
editor@peoplessamachar.co.in

आचार्य नवरत्न सागर सूरीश्वर महाराज के शिष्य आचार्य विश्वरत्न सागर सूरीश्वर महाराज ने सोमवार को अपने 80 साधु-साध्वी भगवंतों के साथ नगर में प्रवेश किया। आचार्य के साथ 150 जिनालयों के प्रतिष्ठाकर्ता की टोली के साथ ही बड़ी संख्या में श्वेतांबर जैन समाज श्रीसंघों के कई गणमान्य नागरिक मौजूद थे। आचार्य की अगवानी में अलग-अलग श्रीसंघों के साथ ही महिला श्रीसंघों के अलग-अलग मंडल ने भजनों की प्रस्तुति दी, वहीं अन्य महिलाओं ने अपने सिर पर कलश धारण कर आचार्य की अगवानी की। जुलूस के दौरान महिलाएं अपने हाथों में थामकर जिन शासन के जयकारे भी लगा रही थीं। नगर में आचार्य का चातुर्मास 18 साल बाद सुदिनता भी होने जा रहा है।

श्री अखंड गिरिराज जैन श्वेतांबर तपागच्छ उपाश्रय ट्रस्ट एवं चातुर्मास समिति अध्यक्ष पुष्पराज सुराणा एवं कैलाश नाहर ने बताया कि 60 फीट रोड स्थित रत्नबाग से आचार्य का भव्य नगर प्रवेश जुलूस निकला। जुलूस में आचार्य के साथ आचार्य भगवंत पीयूषभद्र सूरीश्वर, अनुयोगाचार्य आचार्य श्री नवचन्द्रसागर सूरीश्वर एवं वागड़ विभूषण आचार्यदेव मुदुरत्नसागर सूरीश्वर महाराज आदिठाणा भी मौजूद थे। आचार्य का नगर प्रवेश जुलूस हर्षोल्लास के साथ निकाला गया। जुलूस के अग्र भाग में जहां बैंड-बाजों की स्वरलहरियों पर युवा नाचते-झूमते चल रहे थे वहीं जुलूस के मध्य भाग में अलग-अलग श्रीसंघों के साथ ही महिला मंडल श्रीसंघों के जयकारे भी जुलूस के मार्ग में लगा रही थीं।
